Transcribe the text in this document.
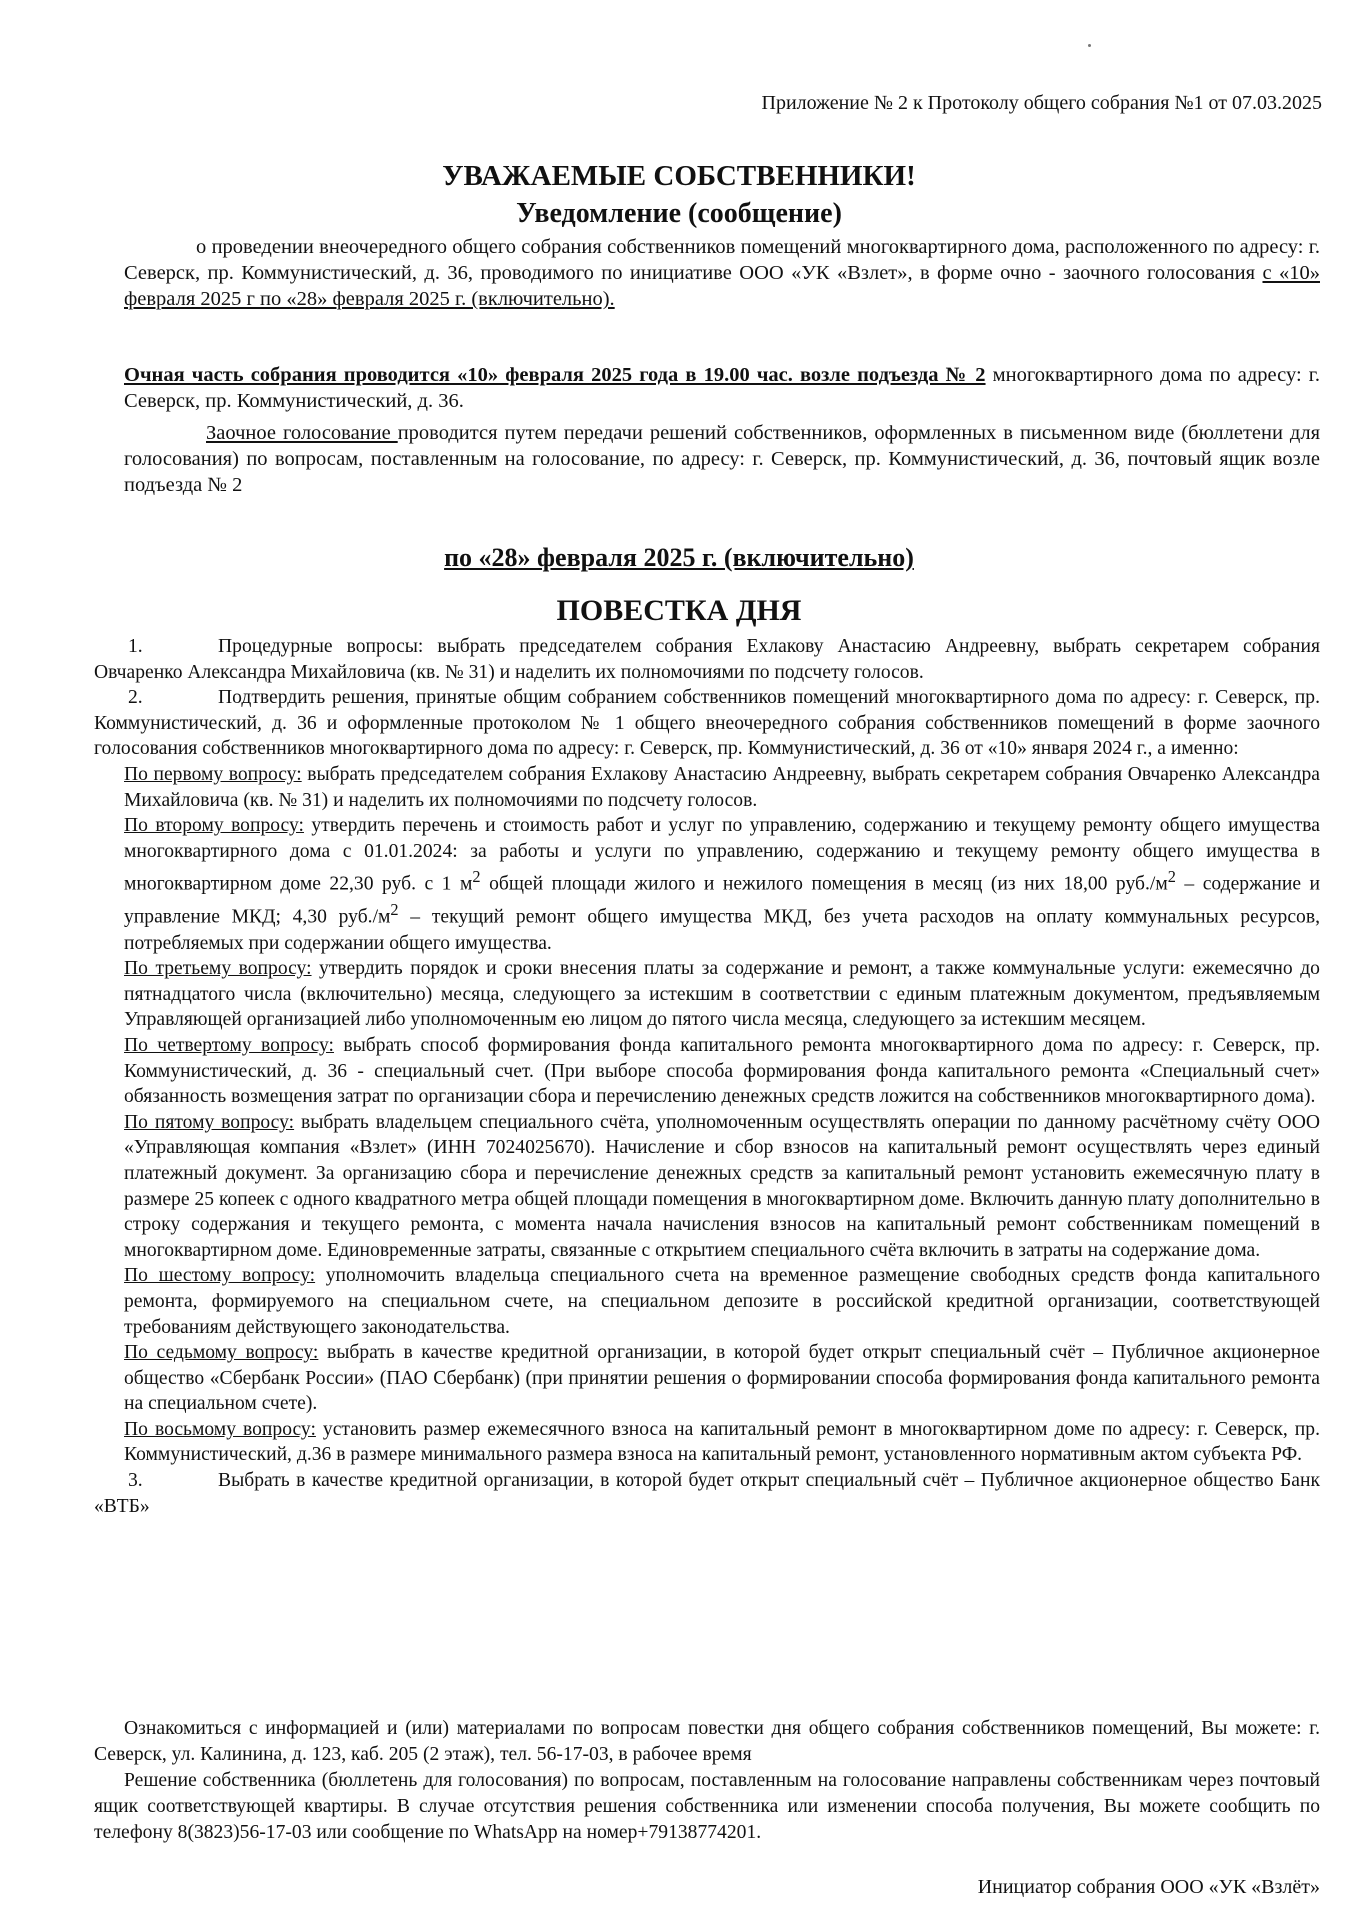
Приложение № 2 к Протоколу общего собрания №1 от 07.03.2025
УВАЖАЕМЫЕ СОБСТВЕННИКИ!
Уведомление (сообщение)

о проведении внеочередного общего собрания собственников помещений многоквартирного дома, расположенного по адресу: г. Северск, пр. Коммунистический, д. 36, проводимого по инициативе ООО «УК «Взлет», в форме очно - заочного голосования с «10» февраля 2025 г по «28» февраля 2025 г. (включительно).

Очная часть собрания проводится «10» февраля 2025 года в 19.00 час. возле подъезда № 2 многоквартирного дома по адресу: г. Северск, пр. Коммунистический, д. 36.

Заочное голосование проводится путем передачи решений собственников, оформленных в письменном виде (бюллетени для голосования) по вопросам, поставленным на голосование, по адресу: г. Северск, пр. Коммунистический, д. 36, почтовый ящик возле подъезда № 2

по «28» февраля 2025 г. (включительно)
ПОВЕСТКА ДНЯ

1.	Процедурные вопросы: выбрать председателем собрания Ехлакову Анастасию Андреевну, выбрать секретарем собрания Овчаренко Александра Михайловича (кв. № 31) и наделить их полномочиями по подсчету голосов.

2.	Подтвердить решения, принятые общим собранием собственников помещений многоквартирного дома по адресу: г. Северск, пр. Коммунистический, д. 36 и оформленные протоколом № 1 общего внеочередного собрания собственников помещений в форме заочного голосования собственников многоквартирного дома по адресу: г. Северск, пр. Коммунистический, д. 36 от «10» января 2024 г., а именно:

По первому вопросу: выбрать председателем собрания Ехлакову Анастасию Андреевну, выбрать секретарем собрания Овчаренко Александра Михайловича (кв. № 31) и наделить их полномочиями по подсчету голосов.

По второму вопросу: утвердить перечень и стоимость работ и услуг по управлению, содержанию и текущему ремонту общего имущества многоквартирного дома с 01.01.2024: за работы и услуги по управлению, содержанию и текущему ремонту общего имущества в многоквартирном доме 22,30 руб. с 1 $м^2$ общей площади жилого и нежилого помещения в месяц (из них 18,00 $руб./м^2$ – содержание и управление МКД; 4,30 $руб./м^2$ – текущий ремонт общего имущества МКД, без учета расходов на оплату коммунальных ресурсов, потребляемых при содержании общего имущества.

По третьему вопросу: утвердить порядок и сроки внесения платы за содержание и ремонт, а также коммунальные услуги: ежемесячно до пятнадцатого числа (включительно) месяца, следующего за истекшим в соответствии с единым платежным документом, предъявляемым Управляющей организацией либо уполномоченным ею лицом до пятого числа месяца, следующего за истекшим месяцем.

По четвертому вопросу: выбрать способ формирования фонда капитального ремонта многоквартирного дома по адресу: г. Северск, пр. Коммунистический, д. 36 - специальный счет. (При выборе способа формирования фонда капитального ремонта «Специальный счет» обязанность возмещения затрат по организации сбора и перечислению денежных средств ложится на собственников многоквартирного дома).

По пятому вопросу: выбрать владельцем специального счёта, уполномоченным осуществлять операции по данному расчётному счёту ООО «Управляющая компания «Взлет» (ИНН 7024025670). Начисление и сбор взносов на капитальный ремонт осуществлять через единый платежный документ. За организацию сбора и перечисление денежных средств за капитальный ремонт установить ежемесячную плату в размере 25 копеек с одного квадратного метра общей площади помещения в многоквартирном доме. Включить данную плату дополнительно в строку содержания и текущего ремонта, с момента начала начисления взносов на капитальный ремонт собственникам помещений в многоквартирном доме. Единовременные затраты, связанные с открытием специального счёта включить в затраты на содержание дома.

По шестому вопросу: уполномочить владельца специального счета на временное размещение свободных средств фонда капитального ремонта, формируемого на специальном счете, на специальном депозите в российской кредитной организации, соответствующей требованиям действующего законодательства.

По седьмому вопросу: выбрать в качестве кредитной организации, в которой будет открыт специальный счёт – Публичное акционерное общество «Сбербанк России» (ПАО Сбербанк) (при принятии решения о формировании способа формирования фонда капитального ремонта на специальном счете).

По восьмому вопросу: установить размер ежемесячного взноса на капитальный ремонт в многоквартирном доме по адресу: г. Северск, пр. Коммунистический, д.36 в размере минимального размера взноса на капитальный ремонт, установленного нормативным актом субъекта РФ.

3.	Выбрать в качестве кредитной организации, в которой будет открыт специальный счёт – Публичное акционерное общество Банк «ВТБ»

Ознакомиться с информацией и (или) материалами по вопросам повестки дня общего собрания собственников помещений, Вы можете: г. Северск, ул. Калинина, д. 123, каб. 205 (2 этаж), тел. 56-17-03, в рабочее время

Решение собственника (бюллетень для голосования) по вопросам, поставленным на голосование направлены собственникам через почтовый ящик соответствующей квартиры. В случае отсутствия решения собственника или изменении способа получения, Вы можете сообщить по телефону 8(3823)56-17-03 или сообщение по WhatsApp на номер+79138774201.

Инициатор собрания ООО «УК «Взлёт»
